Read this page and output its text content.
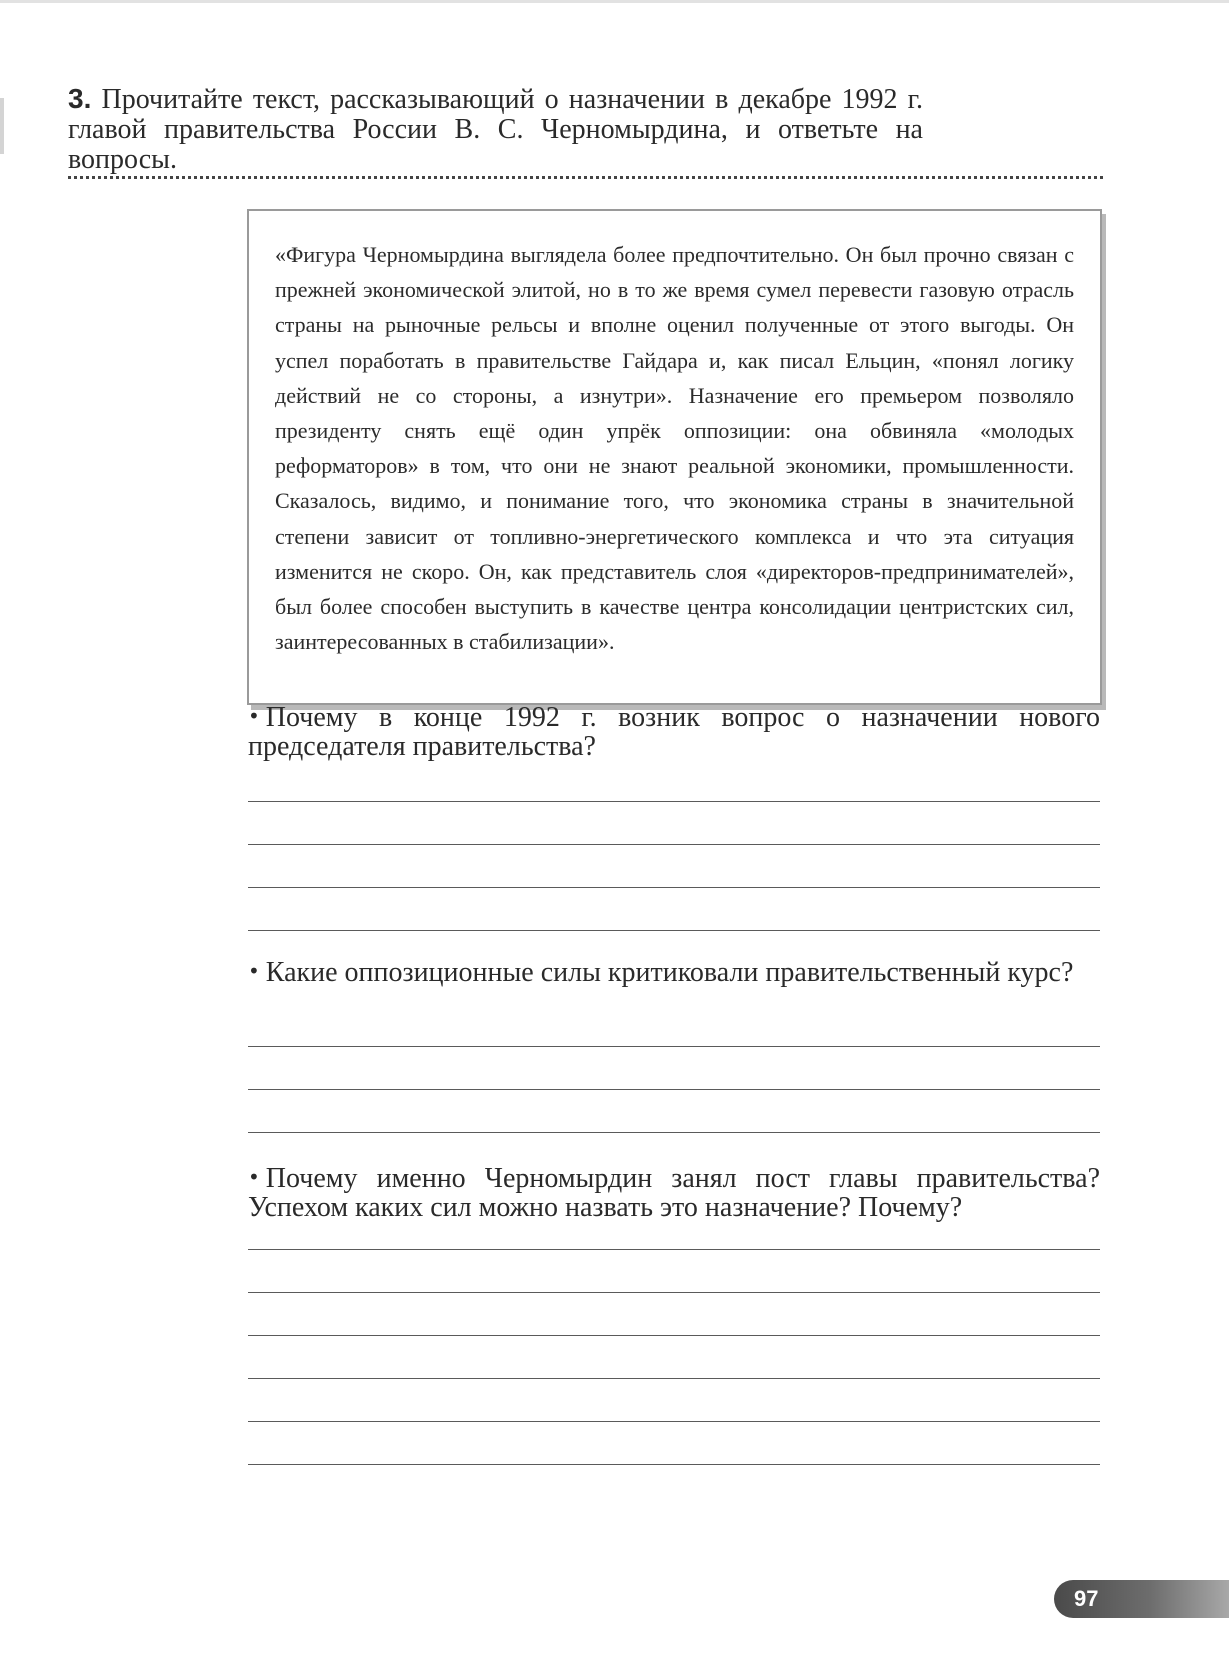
3. Прочитайте текст, рассказывающий о назначении в декабре 1992 г. главой правительства России В. С. Черномырдина, и ответьте на вопросы.
«Фигура Черномырдина выглядела более предпочтительно. Он был прочно связан с прежней экономической элитой, но в то же время сумел перевести газовую отрасль страны на рыночные рельсы и вполне оценил полученные от этого выгоды. Он успел поработать в правительстве Гайдара и, как писал Ельцин, «понял логику действий не со стороны, а изнутри». Назначение его премьером позволяло президенту снять ещё один упрёк оппозиции: она обвиняла «молодых реформаторов» в том, что они не знают реальной экономики, промышленности. Сказалось, видимо, и понимание того, что экономика страны в значительной степени зависит от топливно-энергетического комплекса и что эта ситуация изменится не скоро. Он, как представитель слоя «директоров-предпринимателей», был более способен выступить в качестве центра консолидации центристских сил, заинтересованных в стабилизации».
• Почему в конце 1992 г. возник вопрос о назначении нового председателя правительства?
• Какие оппозиционные силы критиковали правительственный курс?
• Почему именно Черномырдин занял пост главы правительства? Успехом каких сил можно назвать это назначение? Почему?
97
